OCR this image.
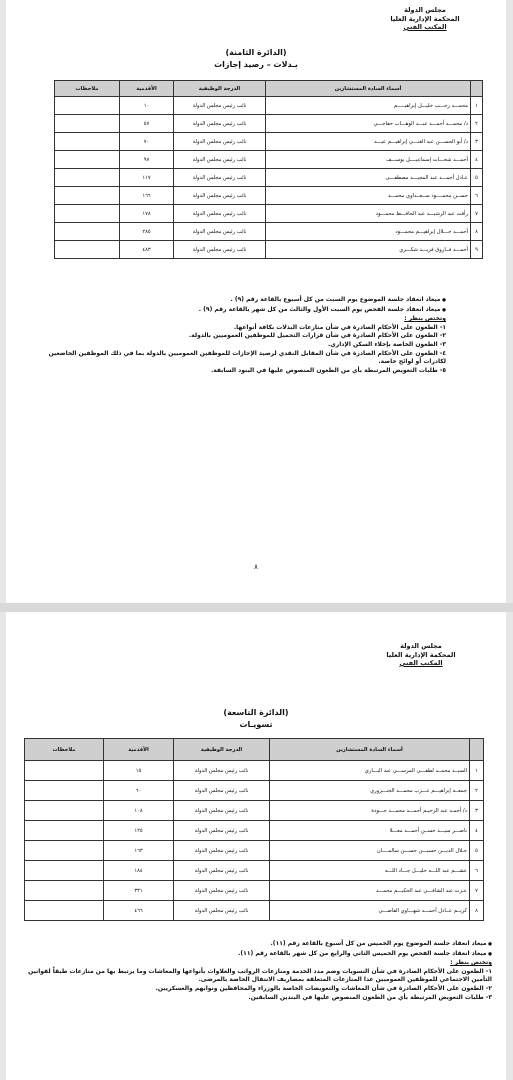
مجلس الدولة
المحكمة الإدارية العليا
المكتب الفني
(الدائرة الثامنة)
بـدلات – رصيد إجازات
	أسماء السادة المستشارين	الدرجة الوظيفية	الأقدمية	ملاحظات
١	محمـــد رجـــب خليـــل إبراهيـــــم	نائب رئيس مجلس الدولة	١٠	
٢	د/ محمـــد أحمـــد عبـــد الوهـــاب خفاجـــي	نائب رئيس مجلس الدولة	٥٧	
٣	د/ أبو الحســـن عبد الغنـــي إبراهيـــم عيـــد	نائب رئيس مجلس الدولة	٧٠	
٤	أحمـــد شحـــات إسماعيــــل يوســـف	نائب رئيس مجلس الدولة	٩٧	
٥	عـادل أحمـــد عبد المجيـــد مصطفـــى	نائب رئيس مجلس الدولة	١١٧	
٦	حســن محمــــود ســعــداوي محمـــد	نائب رئيس مجلس الدولة	١٦٦	
٧	رأفت عبد الرشيـــد عبد الحافـــظ محمـــود	نائب رئيس مجلس الدولة	١٧٨	
٨	أحمـــد جـــلال إبراهيـــم محمـــود	نائب رئيس مجلس الدولة	٢٨٥	
٩	أحمـــد فــاروق فريـــد شكـــري	نائب رئيس مجلس الدولة	٤٨٣	

● ميعاد انعقاد جلسة الموضوع يوم السبت من كل أسبوع بالقاعة رقم (٩) .

● ميعاد انعقاد جلسة الفحص يوم السبت الأول والثالث من كل شهر بالقاعة رقم (٩) .

وتختص بنظر :

١- الطعون على الأحكام الصادرة في شأن منازعات البدلات بكافة أنواعها.

٢- الطعون على الأحكام الصادرة في شأن قرارات التحميل للموظفين العموميين بالدولة.

٣- الطعون الخاصة بإخلاء السكن الإداري.

٤- الطعون على الأحكام الصادرة في شأن المقابل النقدي لرصيد الإجازات للموظفين العموميين بالدولة بما في ذلك الموظفين الخاضعين لكادرات أو لوائح خاصة.

٥- طلبات التعويض المرتبطة بأي من الطعون المنصوص عليها في البنود السابقة.

٨
مجلس الدولة
المحكمة الإدارية العليا
المكتب الفني
(الدائرة التاسعة)
تسويـات
	أسماء السادة المستشارين	الدرجة الوظيفية	الأقدمية	ملاحظات
١	السيــد محمــد لطفـــي المرســـي عبد البـــاري	نائب رئيس مجلس الدولة	١٥	
٢	جمعــه إبراهيـــم عـــزب محمـــد الجنـــزوري	نائب رئيس مجلس الدولة	٦٠	
٣	د/ أحمـد عبد الرحيـم أحمـــد محمـــد جـــودة	نائب رئيس مجلس الدولة	١٠٨	
٤	ناصـــر سيـــد حســن أحمـــد معـــلا	نائب رئيس مجلس الدولة	١٢٥	
٥	جـلال الديـــن حسيـــن حســـن سالمــــان	نائب رئيس مجلس الدولة	١٦٣	
٦	عشـــم عبد اللـــه خليـــل جـــاد اللـــه	نائب رئيس مجلس الدولة	١٨٤	
٧	عـزت عبد الشافـــي عبد الحكيـــم محمـــد	نائب رئيس مجلس الدولة	٣٣١	
٨	كريــم عــادل أحمـــد شهـــاوي القاضـــي	نائب رئيس مجلس الدولة	٤٦٦	

● ميعاد انعقاد جلسة الموضوع يوم الخميس من كل أسبوع بالقاعة رقم (١١).

● ميعاد انعقاد جلسة الفحص يوم الخميس الثاني والرابع من كل شهر بالقاعة رقم (١١).

وتختص بنظر :

١- الطعون على الأحكام الصادرة في شأن التسويات وضم مدد الخدمة ومنازعات الرواتب والعلاوات بأنواعها والمعاشات وما يرتبط بها من منازعات طبقاً لقوانين التأمين الاجتماعي للموظفين العموميين عدا المنازعات المتعلقة بمصاريف الانتقال الخاصة بالمرضى.

٢- الطعون على الأحكام الصادرة في شأن المعاشات والتعويضات الخاصة بالوزراء والمحافظين ونوابهم والعسكريين.

٣- طلبات التعويض المرتبطة بأي من الطعون المنصوص عليها في البندين السابقين.
